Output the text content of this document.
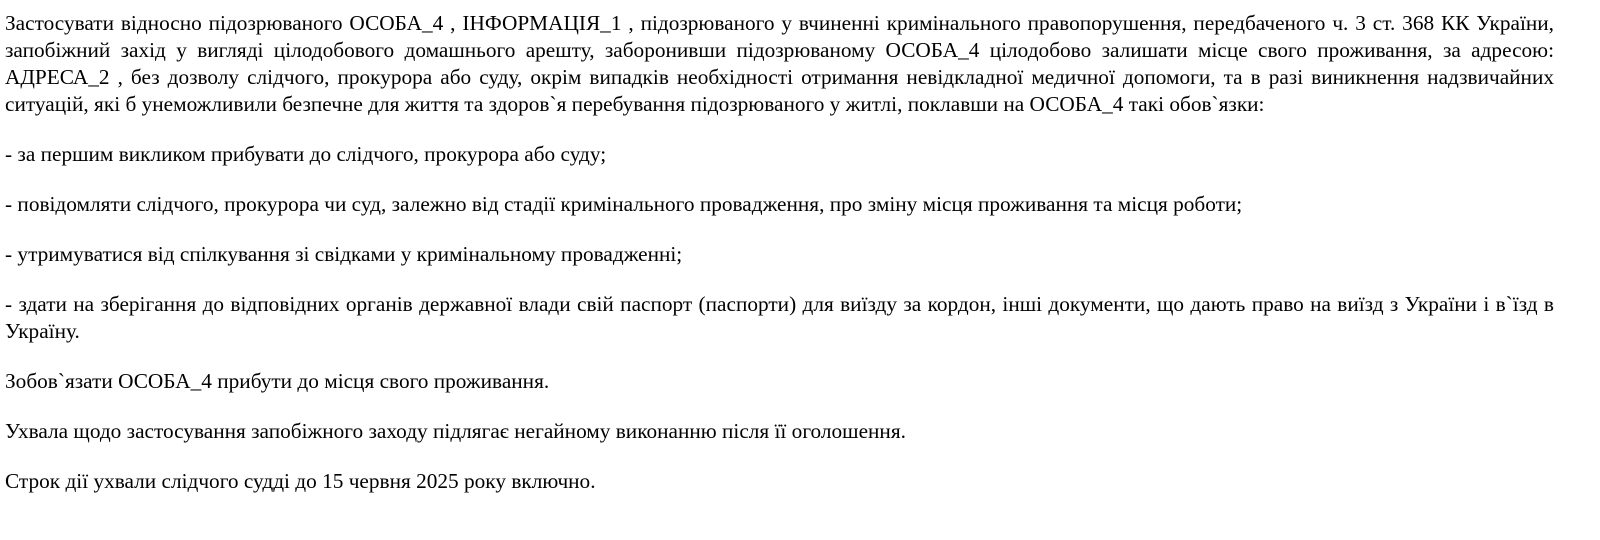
Застосувати відносно підозрюваного ОСОБА_4 , ІНФОРМАЦІЯ_1 , підозрюваного у вчиненні кримінального правопорушення, передбаченого ч. 3 ст. 368 КК України, запобіжний захід у вигляді цілодобового домашнього арешту, заборонивши підозрюваному ОСОБА_4 цілодобово залишати місце свого проживання, за адресою: АДРЕСА_2 , без дозволу слідчого, прокурора або суду, окрім випадків необхідності отримання невідкладної медичної допомоги, та в разі виникнення надзвичайних ситуацій, які б унеможливили безпечне для життя та здоров`я перебування підозрюваного у житлі, поклавши на ОСОБА_4 такі обов`язки:

- за першим викликом прибувати до слідчого, прокурора або суду;

- повідомляти слідчого, прокурора чи суд, залежно від стадії кримінального провадження, про зміну місця проживання та місця роботи;

- утримуватися від спілкування зі свідками у кримінальному провадженні;

- здати на зберігання до відповідних органів державної влади свій паспорт (паспорти) для виїзду за кордон, інші документи, що дають право на виїзд з України і в`їзд в Україну.

Зобов`язати ОСОБА_4 прибути до місця свого проживання.

Ухвала щодо застосування запобіжного заходу підлягає негайному виконанню після її оголошення.

Строк дії ухвали слідчого судді до 15 червня 2025 року включно.
